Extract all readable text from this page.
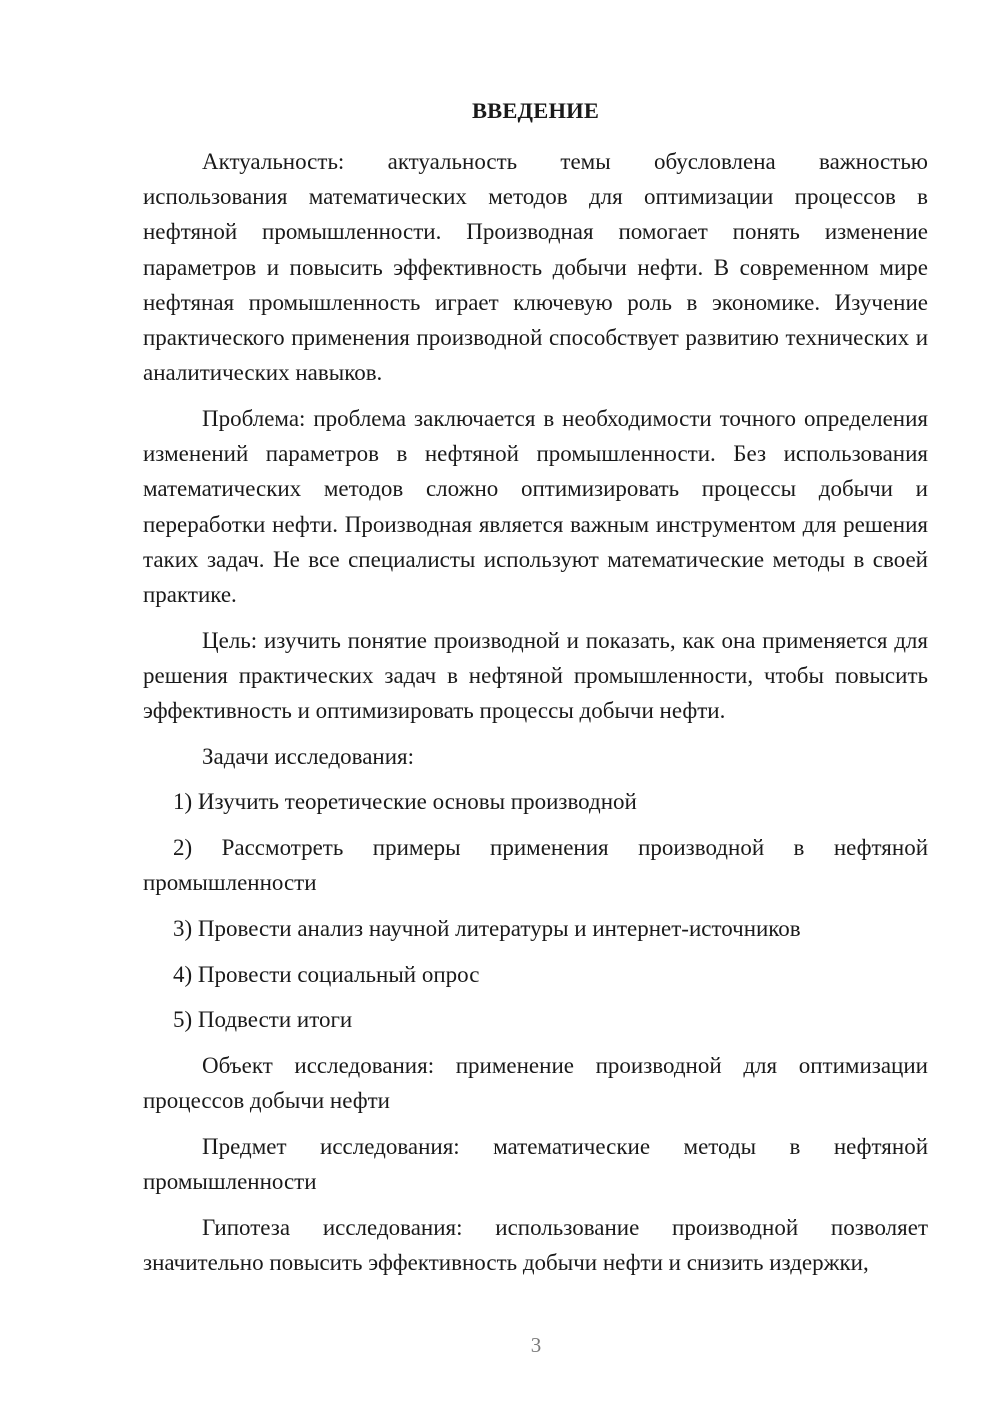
ВВЕДЕНИЕ
Актуальность: актуальность темы обусловлена важностью использования математических методов для оптимизации процессов в нефтяной промышленности. Производная помогает понять изменение параметров и повысить эффективность добычи нефти. В современном мире нефтяная промышленность играет ключевую роль в экономике. Изучение практического применения производной способствует развитию технических и аналитических навыков.
Проблема: проблема заключается в необходимости точного определения изменений параметров в нефтяной промышленности. Без использования математических методов сложно оптимизировать процессы добычи и переработки нефти. Производная является важным инструментом для решения таких задач. Не все специалисты используют математические методы в своей практике.
Цель: изучить понятие производной и показать, как она применяется для решения практических задач в нефтяной промышленности, чтобы повысить эффективность и оптимизировать процессы добычи нефти.
Задачи исследования:
1) Изучить теоретические основы производной
2) Рассмотреть примеры применения производной в нефтяной промышленности
3) Провести анализ научной литературы и интернет-источников
4) Провести социальный опрос
5) Подвести итоги
Объект исследования: применение производной для оптимизации процессов добычи нефти
Предмет исследования: математические методы в нефтяной промышленности
Гипотеза исследования: использование производной позволяет значительно повысить эффективность добычи нефти и снизить издержки,
3
